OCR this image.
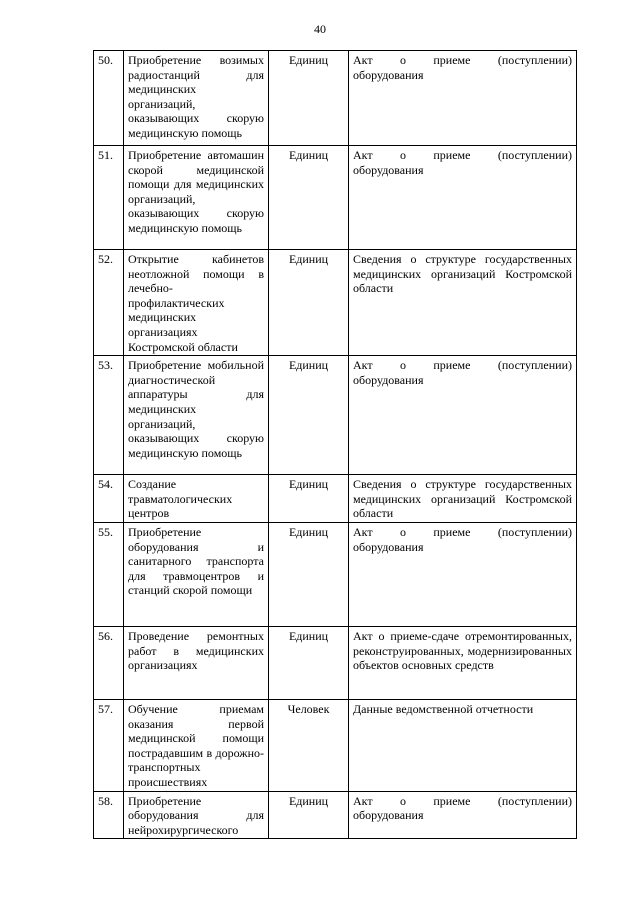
40
50.	Приобретение возимых радиостанций для медицинских организаций, оказывающих скорую медицинскую помощь	Единиц	Акт о приеме (поступлении) оборудования
51.	Приобретение автомашин скорой медицинской помощи для медицинских организаций, оказывающих скорую медицинскую помощь	Единиц	Акт о приеме (поступлении) оборудования
52.	Открытие кабинетов неотложной помощи в лечебно-профилактических медицинских организациях Костромской области	Единиц	Сведения о структуре государственных медицинских организаций Костромской области
53.	Приобретение мобильной диагностической аппаратуры для медицинских организаций, оказывающих скорую медицинскую помощь	Единиц	Акт о приеме (поступлении) оборудования
54.	Создание травматологических центров	Единиц	Сведения о структуре государственных медицинских организаций Костромской области
55.	Приобретение оборудования и санитарного транспорта для травмоцентров и станций скорой помощи	Единиц	Акт о приеме (поступлении) оборудования
56.	Проведение ремонтных работ в медицинских организациях	Единиц	Акт о приеме-сдаче отремонтированных, реконструированных, модернизированных объектов основных средств
57.	Обучение приемам оказания первой медицинской помощи пострадавшим в дорожно-транспортных происшествиях	Человек	Данные ведомственной отчетности
58.	Приобретение оборудования для нейрохирургического	Единиц	Акт о приеме (поступлении) оборудования
